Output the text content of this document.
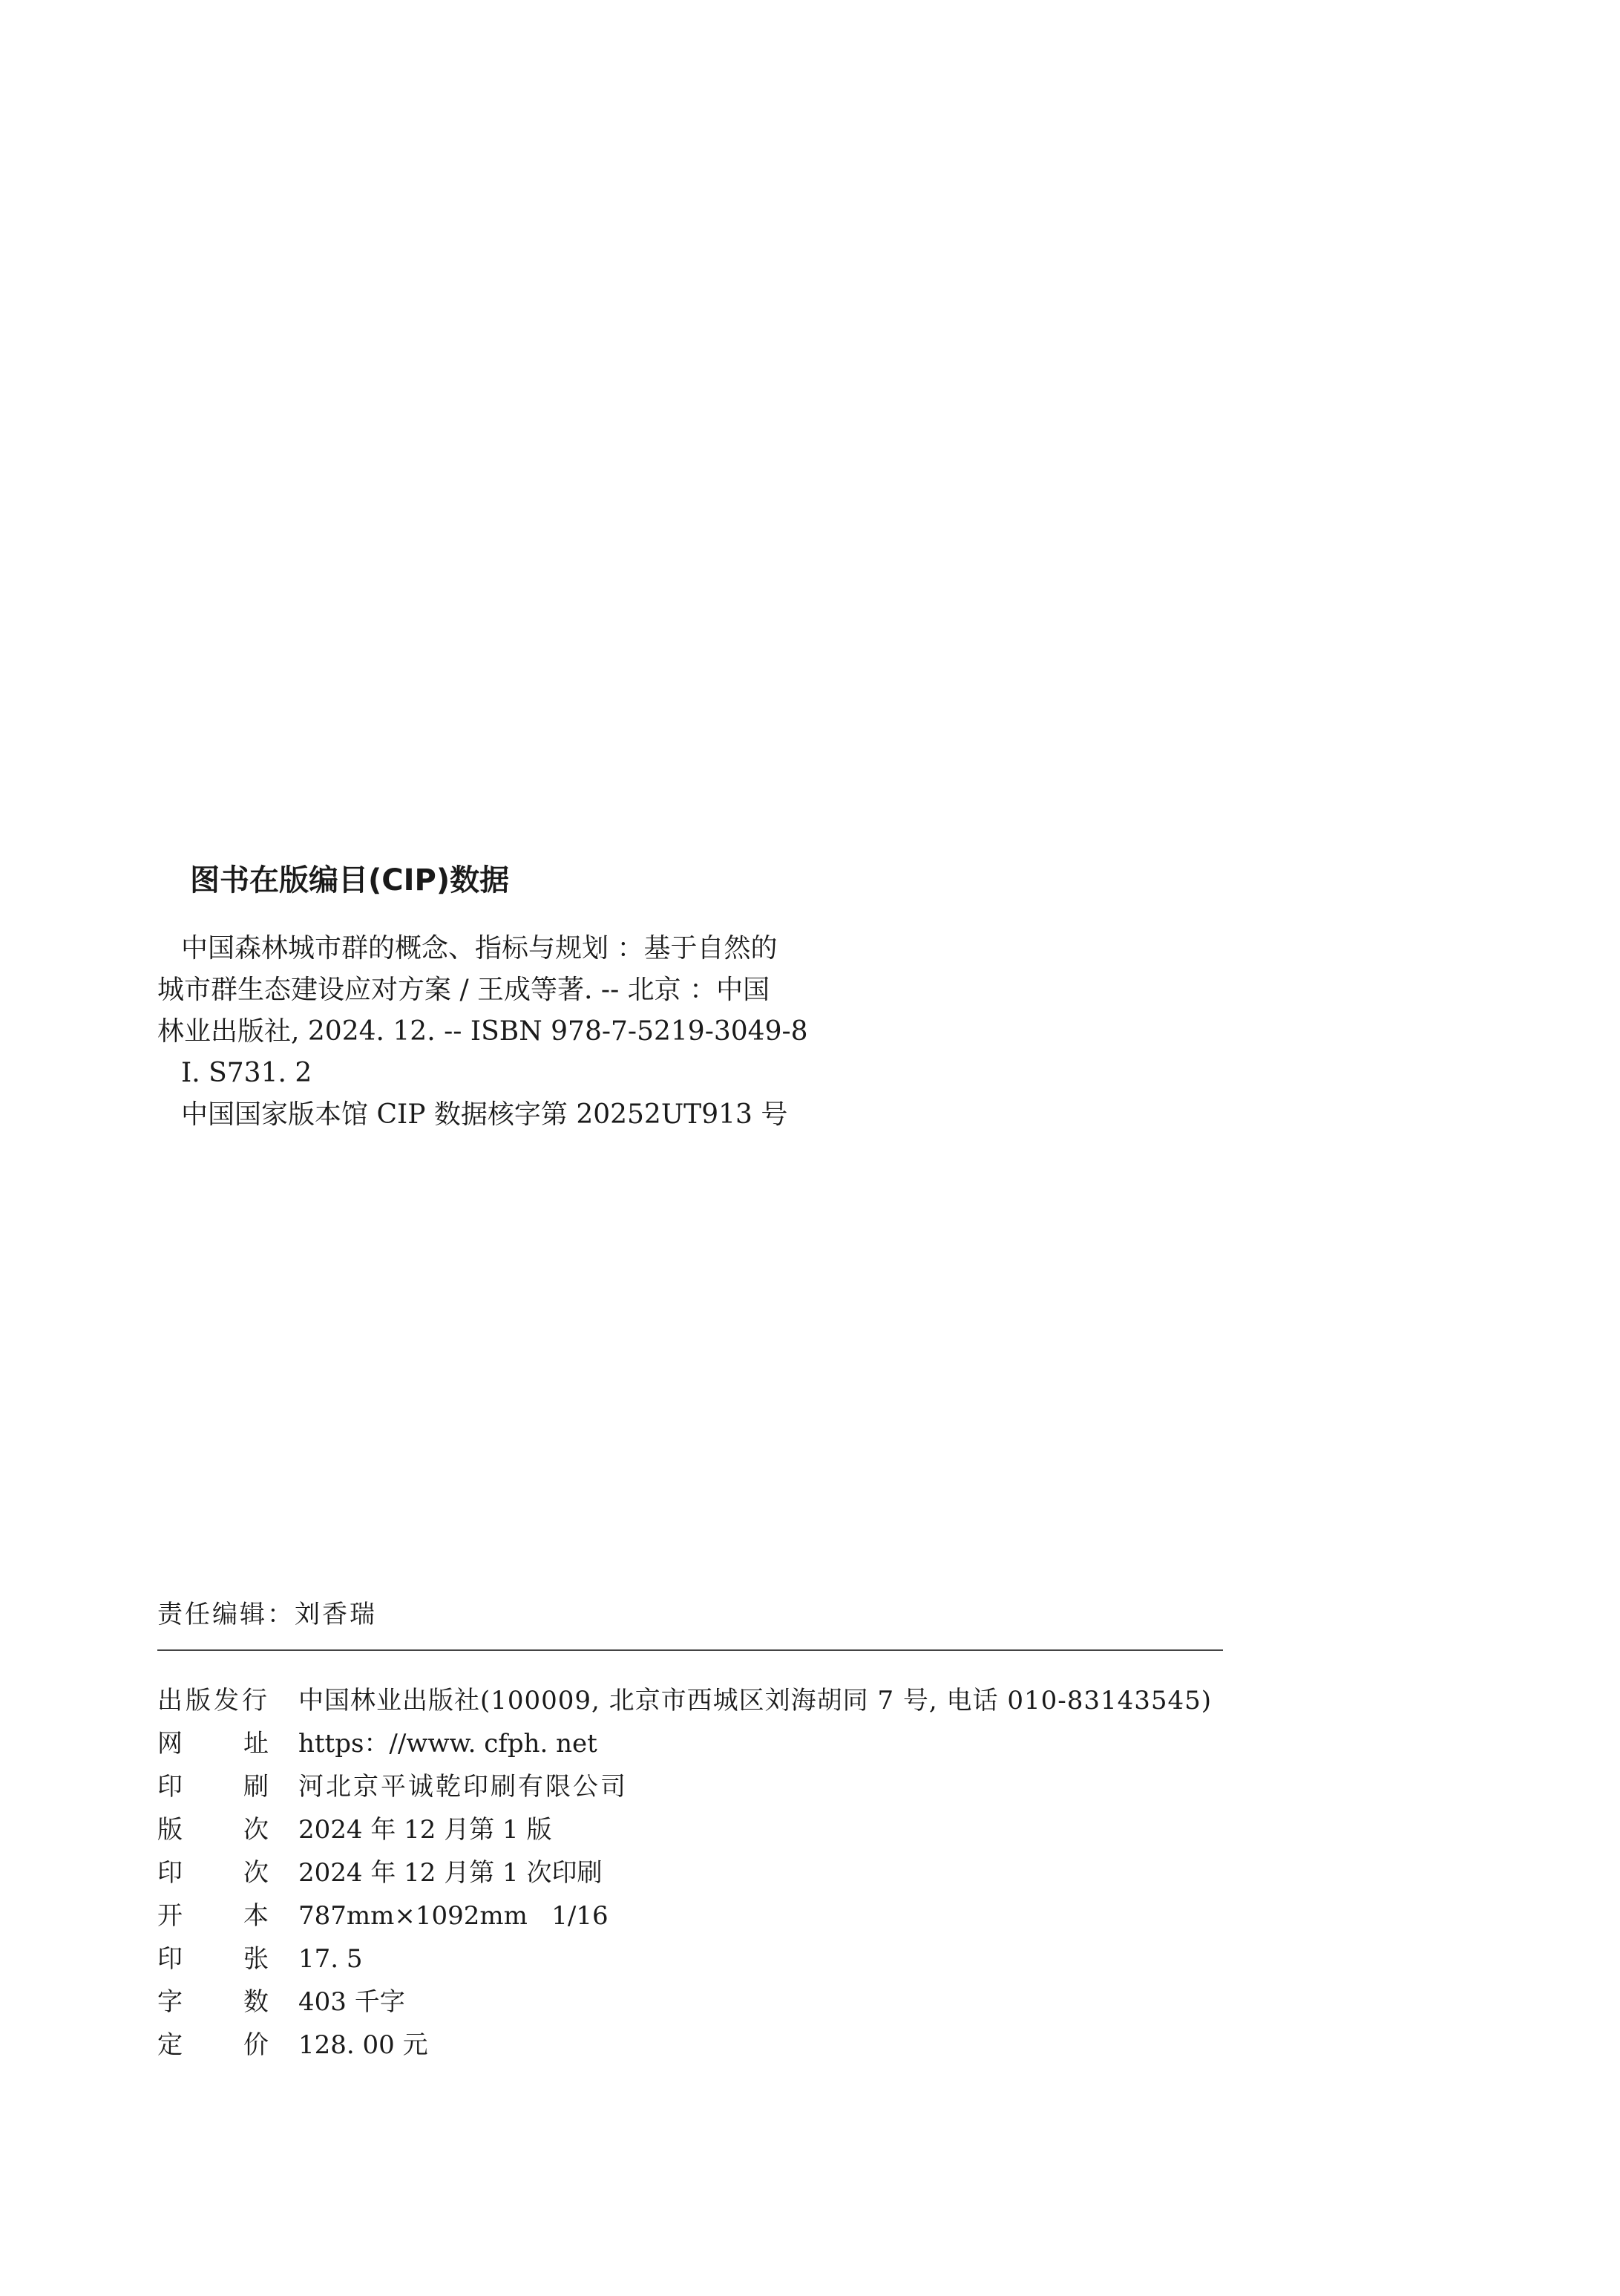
图书在版编目(CIP)数据
中国森林城市群的概念、指标与规划 ：基于自然的
城市群生态建设应对方案 / 王成等著. -- 北京 ：中国
林业出版社, 2024. 12. -- ISBN 978-7-5219-3049-8
Ⅰ. S731. 2
中国国家版本馆 CIP 数据核字第 20252UT913 号
责任编辑：刘香瑞
出版发行 中国林业出版社(100009, 北京市西城区刘海胡同 7 号, 电话 010-83143545)
网 址 https：//www. cfph. net
印 刷 河北京平诚乾印刷有限公司
版 次 2024 年 12 月第 1 版
印 次 2024 年 12 月第 1 次印刷
开 本 787mm×1092mm   1/16
印 张 17. 5
字 数 403 千字
定 价 128. 00 元
